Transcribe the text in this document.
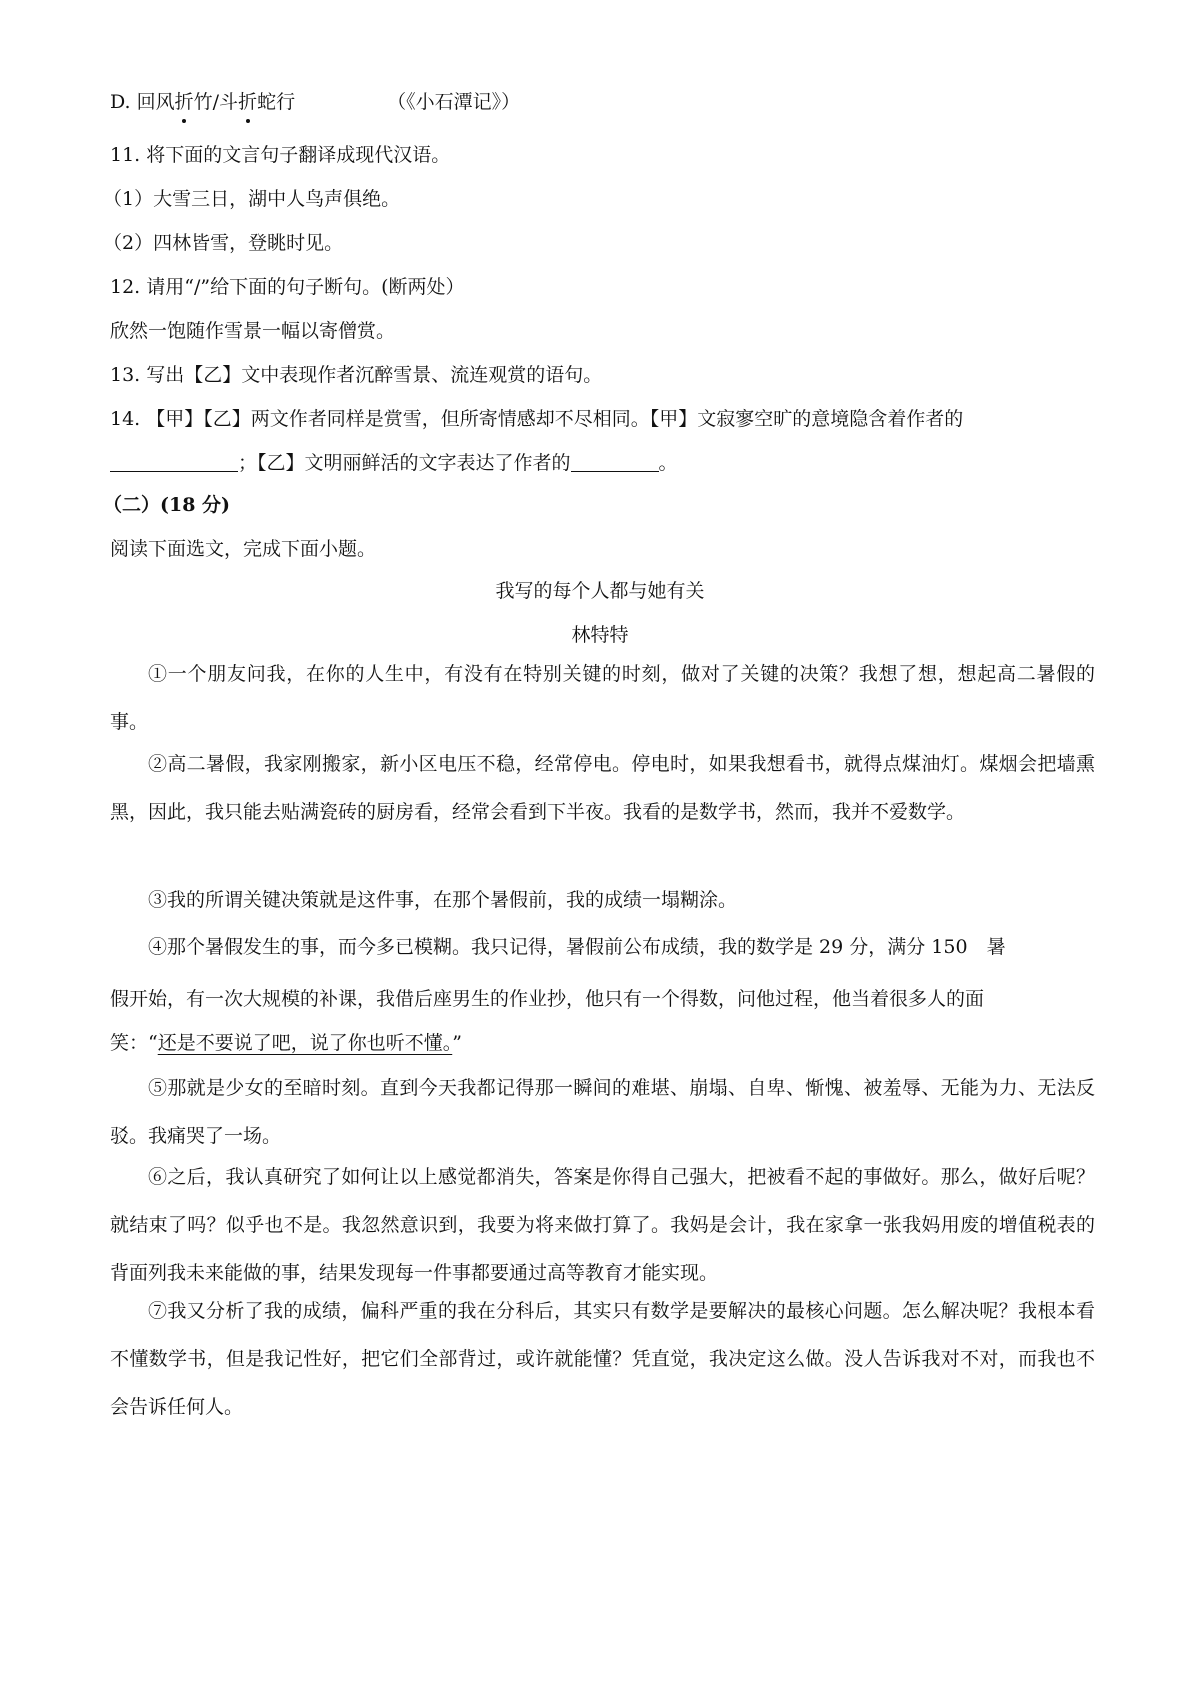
D. 回风折竹/斗折蛇行	（《小石潭记》）
11. 将下面的文言句子翻译成现代汉语。
（1）大雪三日，湖中人鸟声俱绝。
（2）四林皆雪，登眺时见。
12. 请用“/”给下面的句子断句。(断两处）
欣然一饱随作雪景一幅以寄僧赏。
13. 写出【乙】文中表现作者沉醉雪景、流连观赏的语句。
14. 【甲】【乙】两文作者同样是赏雪，但所寄情感却不尽相同。【甲】文寂寥空旷的意境隐含着作者的
；【乙】文明丽鲜活的文字表达了作者的	。
（二）(18 分)
阅读下面选文，完成下面小题。
我写的每个人都与她有关
林特特

①一个朋友问我，在你的人生中，有没有在特别关键的时刻，做对了关键的决策？我想了想，想起高二暑假的事。

②高二暑假，我家刚搬家，新小区电压不稳，经常停电。停电时，如果我想看书，就得点煤油灯。煤烟会把墙熏黑，因此，我只能去贴满瓷砖的厨房看，经常会看到下半夜。我看的是数学书，然而，我并不爱数学。

③我的所谓关键决策就是这件事，在那个暑假前，我的成绩一塌糊涂。

④那个暑假发生的事，而今多已模糊。我只记得，暑假前公布成绩，我的数学是 29 分，满分 150　暑
假开始，有一次大规模的补课，我借后座男生的作业抄，他只有一个得数，问他过程，他当着很多人的面
笑：“还是不要说了吧，说了你也听不懂。”

⑤那就是少女的至暗时刻。直到今天我都记得那一瞬间的难堪、崩塌、自卑、惭愧、被羞辱、无能为力、无法反驳。我痛哭了一场。

⑥之后，我认真研究了如何让以上感觉都消失，答案是你得自己强大，把被看不起的事做好。那么，做好后呢？就结束了吗？似乎也不是。我忽然意识到，我要为将来做打算了。我妈是会计，我在家拿一张我妈用废的增值税表的背面列我未来能做的事，结果发现每一件事都要通过高等教育才能实现。

⑦我又分析了我的成绩，偏科严重的我在分科后，其实只有数学是要解决的最核心问题。怎么解决呢？我根本看不懂数学书，但是我记性好，把它们全部背过，或许就能懂？凭直觉，我决定这么做。没人告诉我对不对，而我也不会告诉任何人。
